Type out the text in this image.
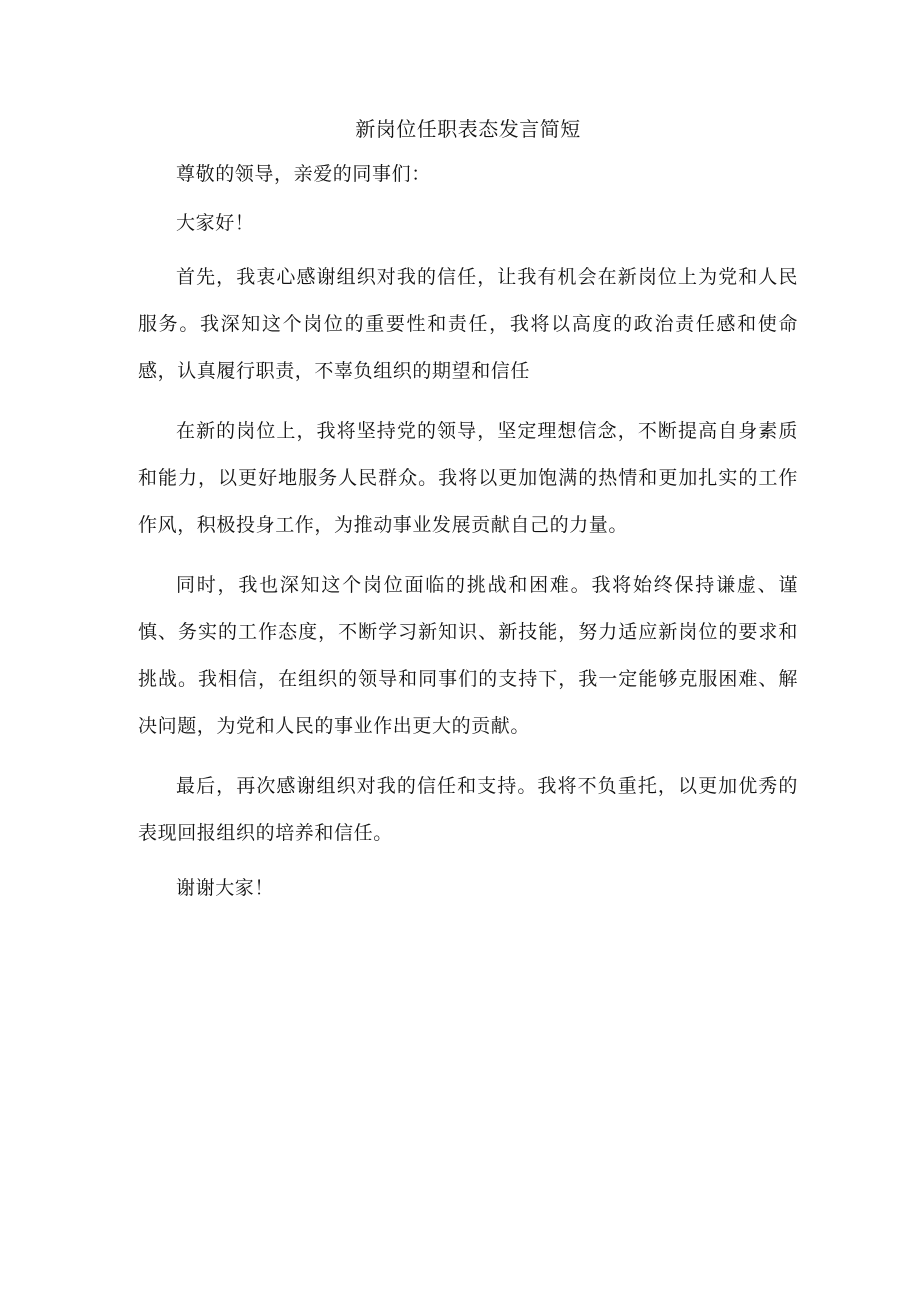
新岗位任职表态发言简短

尊敬的领导，亲爱的同事们：

大家好！

首先，我衷心感谢组织对我的信任，让我有机会在新岗位上为党和人民服务。我深知这个岗位的重要性和责任，我将以高度的政治责任感和使命感，认真履行职责，不辜负组织的期望和信任

在新的岗位上，我将坚持党的领导，坚定理想信念，不断提高自身素质和能力，以更好地服务人民群众。我将以更加饱满的热情和更加扎实的工作作风，积极投身工作，为推动事业发展贡献自己的力量。

同时，我也深知这个岗位面临的挑战和困难。我将始终保持谦虚、谨慎、务实的工作态度，不断学习新知识、新技能，努力适应新岗位的要求和挑战。我相信，在组织的领导和同事们的支持下，我一定能够克服困难、解决问题，为党和人民的事业作出更大的贡献。

最后，再次感谢组织对我的信任和支持。我将不负重托，以更加优秀的表现回报组织的培养和信任。

谢谢大家！
